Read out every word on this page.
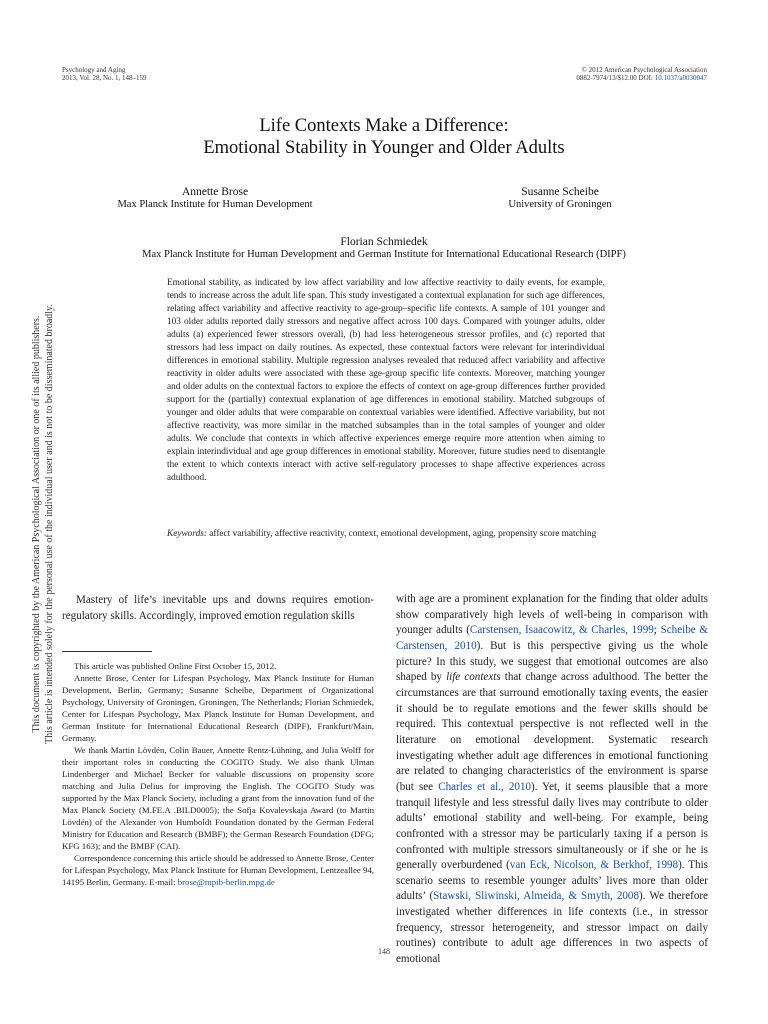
Psychology and Aging
2013, Vol. 28, No. 1, 148–159
© 2012 American Psychological Association
0882-7974/13/$12.00 DOI: 10.1037/a0030047
Life Contexts Make a Difference:
Emotional Stability in Younger and Older Adults
Annette Brose
Max Planck Institute for Human Development
Susanne Scheibe
University of Groningen
Florian Schmiedek
Max Planck Institute for Human Development and German Institute for International Educational Research (DIPF)
Emotional stability, as indicated by low affect variability and low affective reactivity to daily events, for example, tends to increase across the adult life span. This study investigated a contextual explanation for such age differences, relating affect variability and affective reactivity to age-group–specific life contexts. A sample of 101 younger and 103 older adults reported daily stressors and negative affect across 100 days. Compared with younger adults, older adults (a) experienced fewer stressors overall, (b) had less heterogeneous stressor profiles, and (c) reported that stressors had less impact on daily routines. As expected, these contextual factors were relevant for interindividual differences in emotional stability. Multiple regression analyses revealed that reduced affect variability and affective reactivity in older adults were associated with these age-group specific life contexts. Moreover, matching younger and older adults on the contextual factors to explore the effects of context on age-group differences further provided support for the (partially) contextual explanation of age differences in emotional stability. Matched subgroups of younger and older adults that were comparable on contextual variables were identified. Affective variability, but not affective reactivity, was more similar in the matched subsamples than in the total samples of younger and older adults. We conclude that contexts in which affective experiences emerge require more attention when aiming to explain interindividual and age group differences in emotional stability. Moreover, future studies need to disentangle the extent to which contexts interact with active self-regulatory processes to shape affective experiences across adulthood.
Keywords: affect variability, affective reactivity, context, emotional development, aging, propensity score matching
This document is copyrighted by the American Psychological Association or one of its allied publishers. This article is intended solely for the personal use of the individual user and is not to be disseminated broadly.	Mastery of life’s inevitable ups and downs requires emotion-regulatory skills. Accordingly, improved emotion regulation skills

This article was published Online First October 15, 2012.

Annette Brose, Center for Lifespan Psychology, Max Planck Institute for Human Development, Berlin, Germany; Susanne Scheibe, Department of Organizational Psychology, University of Groningen, Groningen, The Netherlands; Florian Schmiedek, Center for Lifespan Psychology, Max Planck Institute for Human Development, and German Institute for International Educational Research (DIPF), Frankfurt/Main, Germany.

We thank Martin Lövdén, Colin Bauer, Annette Rentz-Lühning, and Julia Wolff for their important roles in conducting the COGITO Study. We also thank Ulman Lindenberger and Michael Becker for valuable discussions on propensity score matching and Julia Delius for improving the English. The COGITO Study was supported by the Max Planck Society, including a grant from the innovation fund of the Max Planck Society (M.FE.A .BILD0005); the Sofja Kovalevskaja Award (to Martin Lövdén) of the Alexander von Humboldt Foundation donated by the German Federal Ministry for Education and Research (BMBF); the German Research Foundation (DFG; KFG 163); and the BMBF (CAI).

Correspondence concerning this article should be addressed to Annette Brose, Center for Lifespan Psychology, Max Planck Institute for Human Development, Lentzeallee 94, 14195 Berlin, Germany. E-mail: brose@mpib-berlin.mpg.de

with age are a prominent explanation for the finding that older adults show comparatively high levels of well-being in comparison with younger adults (Carstensen, Isaacowitz, & Charles, 1999; Scheibe & Carstensen, 2010). But is this perspective giving us the whole picture? In this study, we suggest that emotional outcomes are also shaped by life contexts that change across adulthood. The better the circumstances are that surround emotionally taxing events, the easier it should be to regulate emotions and the fewer skills should be required. This contextual perspective is not reflected well in the literature on emotional development. Systematic research investigating whether adult age differences in emotional functioning are related to changing characteristics of the environment is sparse (but see Charles et al., 2010). Yet, it seems plausible that a more tranquil lifestyle and less stressful daily lives may contribute to older adults’ emotional stability and well-being. For example, being confronted with a stressor may be particularly taxing if a person is confronted with multiple stressors simultaneously or if she or he is generally overburdened (van Eck, Nicolson, & Berkhof, 1998). This scenario seems to resemble younger adults’ lives more than older adults’ (Stawski, Sliwinski, Almeida, & Smyth, 2008). We therefore investigated whether differences in life contexts (i.e., in stressor frequency, stressor heterogeneity, and stressor impact on daily routines) contribute to adult age differences in two aspects of emotional
148
